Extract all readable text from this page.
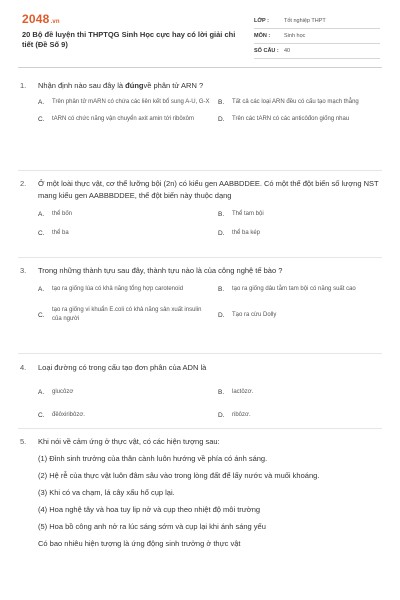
2048.vn
20 Bộ đề luyện thi THPTQG Sinh Học cực hay có lời giải chi tiết (Đề Số 9)
LỚP :	Tốt nghiệp THPT
MÔN :	Sinh học
SỐ CÂU : 40
1.	Nhận định nào sau đây là đúngvề phân tử ARN ?
A.	Trên phân tử mARN có chứa các liên kết bổ sung A-U, G-X B.	Tất cả các loại ARN đều có cấu tạo mạch thẳng
C.	tARN có chức năng vận chuyển axit amin tới ribôxôm	D.	Trên các tARN có các anticôđon giống nhau
2.	Ở một loài thực vật, cơ thể lưỡng bội (2n) có kiểu gen AABBDDEE. Có một thể đột biến số lượng NST mang kiểu gen AABBBDDEE, thể đột biến này thuộc dạng
A.	thể bốn	B.	Thể tam bội
C.	thể ba	D.	thể ba kép
3.	Trong những thành tựu sau đây, thành tựu nào là của công nghệ tế bào ?
A.	tạo ra giống lúa có khả năng tổng hợp carotenoid	B.	tạo ra giống dâu tằm tam bội có năng suất cao
C.
tạo ra giống vi khuẩn E.coli có khả năng sản xuất insulin của người
D.	Tạo ra cừu Dolly
4.	Loại đường có trong cấu tạo đơn phân của ADN là
A.	glucôzơ	B.	lactôzơ.
C.	đêôxiribôzơ.	D.	ribôzơ.
5.	Khi nói về cảm ứng ở thực vật, có các hiện tượng sau:
(1) Đỉnh sinh trưởng của thân cành luôn hướng về phía có ánh sáng.
(2) Hệ rễ của thực vật luôn đâm sâu vào trong lòng đất để lấy nước và muối khoáng.
(3) Khi có va chạm, lá cây xấu hổ cụp lại.
(4) Hoa nghệ tây và hoa tuy lip nở và cụp theo nhiệt độ môi trường
(5) Hoa bồ công anh nở ra lúc sáng sớm và cụp lại khi ánh sáng yếu
Có bao nhiêu hiện tượng là ứng động sinh trưởng ở thực vật
